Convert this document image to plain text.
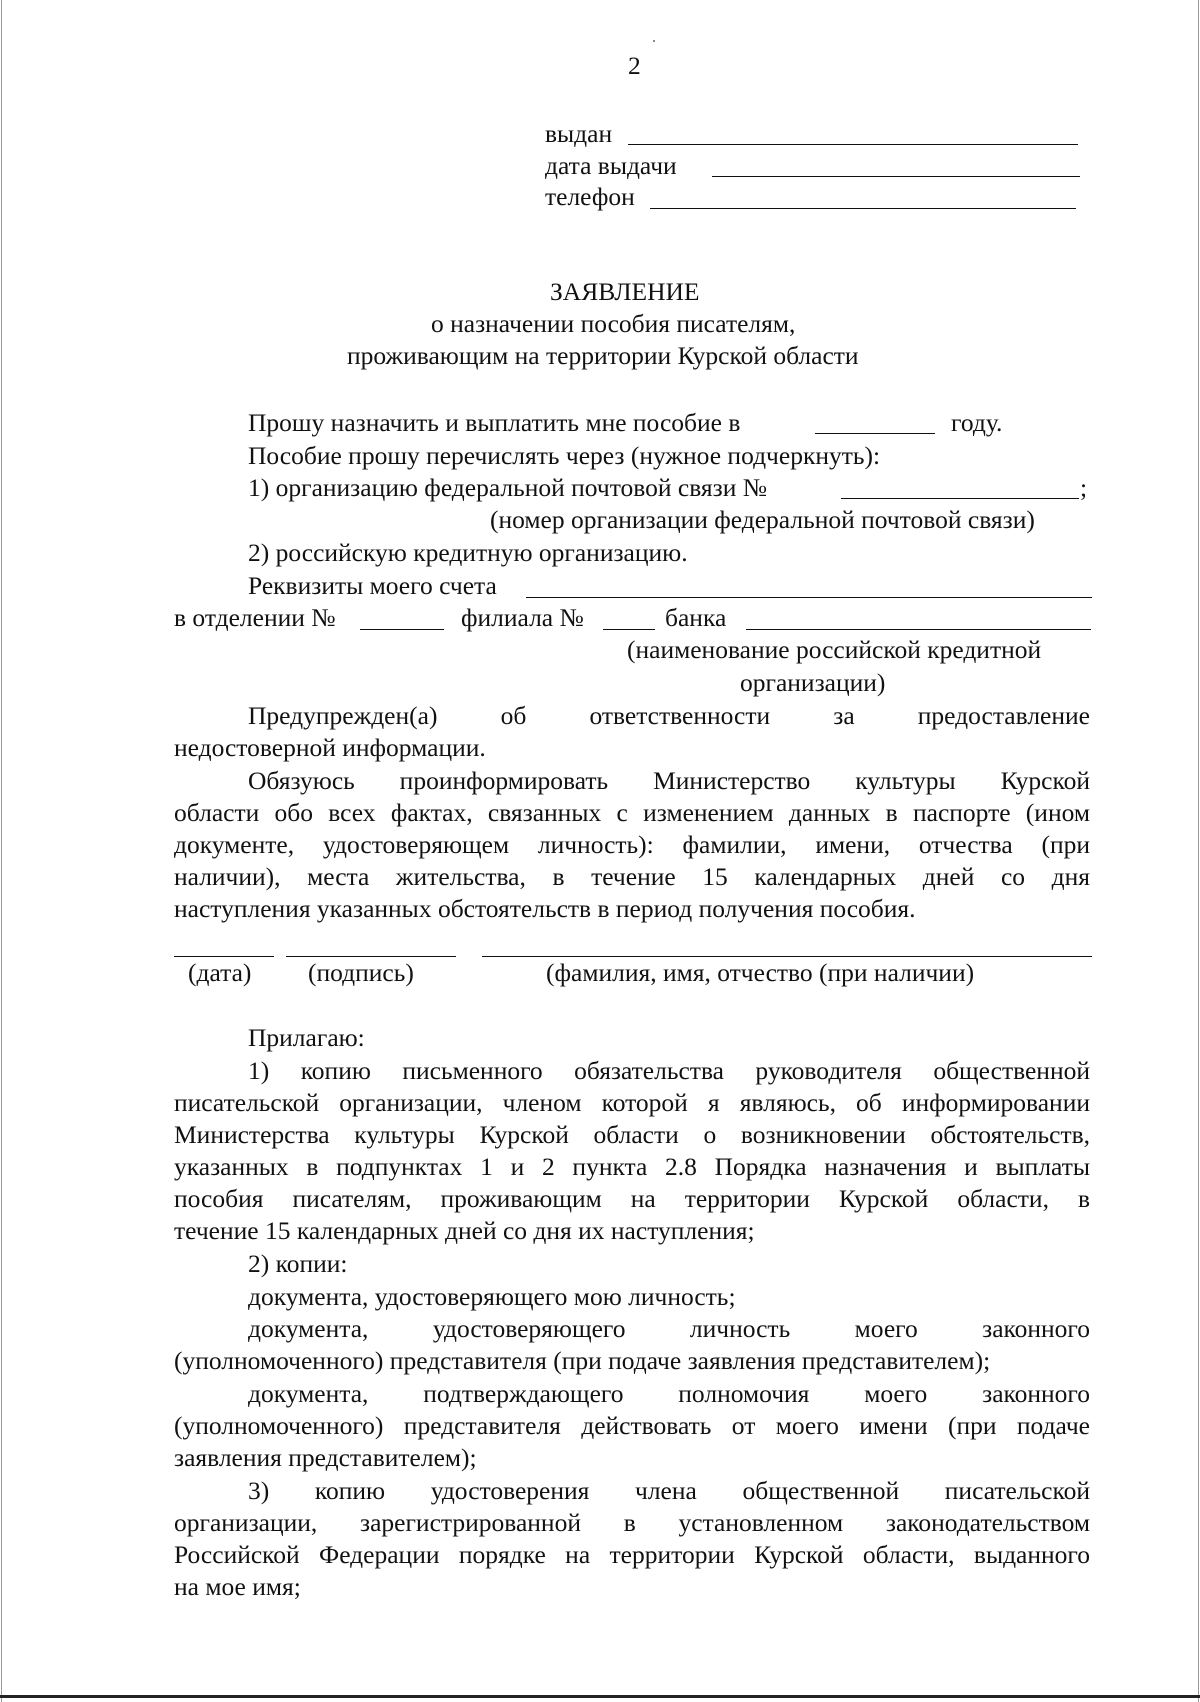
2
выдан
дата выдачи
телефон
ЗАЯВЛЕНИЕ
о назначении пособия писателям,
проживающим на территории Курской области
Прошу назначить и выплатить мне пособие в	году.
Пособие прошу перечислять через (нужное подчеркнуть):
1) организацию федеральной почтовой связи №	;
(номер организации федеральной почтовой связи)
2) российскую кредитную организацию.
Реквизиты моего счета
в отделении №	филиала №	банка
(наименование российской кредитной
организации)
Предупрежден(а) об ответственности за предоставление
недостоверной информации.
Обязуюсь проинформировать Министерство культуры Курской
области обо всех фактах, связанных с изменением данных в паспорте (ином
документе, удостоверяющем личность): фамилии, имени, отчества (при
наличии), места жительства, в течение 15 календарных дней со дня
наступления указанных обстоятельств в период получения пособия.
(дата) (подпись)	(фамилия, имя, отчество (при наличии)
Прилагаю:
1) копию письменного обязательства руководителя общественной
писательской организации, членом которой я являюсь, об информировании
Министерства культуры Курской области о возникновении обстоятельств,
указанных в подпунктах 1 и 2 пункта 2.8 Порядка назначения и выплаты
пособия писателям, проживающим на территории Курской области, в
течение 15 календарных дней со дня их наступления;
2) копии:
документа, удостоверяющего мою личность;
документа,	удостоверяющего	личность	моего	законного
(уполномоченного) представителя (при подаче заявления представителем);
документа, подтверждающего полномочия моего законного
(уполномоченного) представителя действовать от моего имени (при подаче
заявления представителем);
3) копию удостоверения члена общественной писательской
организации, зарегистрированной в установленном законодательством
Российской Федерации порядке на территории Курской области, выданного
на мое имя;
